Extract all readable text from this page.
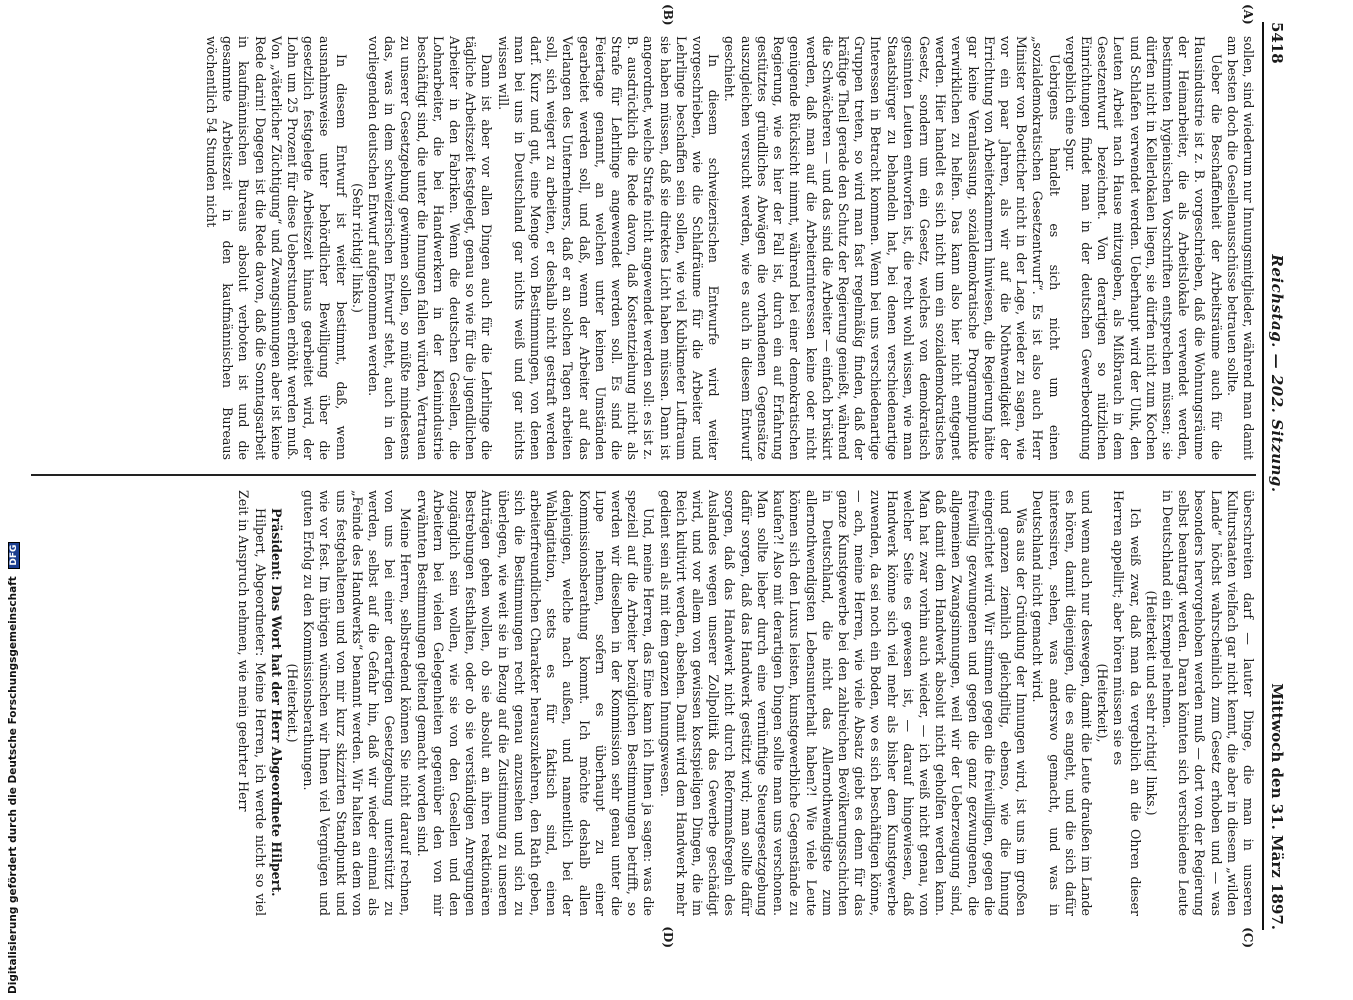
5418
Reichstag. — 202. Sitzung.
Mittwoch den 31. März 1897.
(A)
(B)

sollen, sind wiederum nur Innungsmitglieder, während man damit am besten doch die Gesellenausschüsse betrauen sollte.

Ueber die Beschaffenheit der Arbeitsräume auch für die Hausindustrie ist z. B. vorgeschrieben, daß die Wohnungsräume der Heimarbeiter, die als Arbeitslokale verwendet werden, bestimmten hygienischen Vorschriften entsprechen müssen; sie dürfen nicht in Kellerlokalen liegen, sie dürfen nicht zum Kochen und Schlafen verwendet werden. Ueberhaupt wird der Uluk, den Leuten Arbeit nach Hause mitzugeben, als Mißbrauch in dem Gesetzentwurf bezeichnet. Von derartigen so nützlichen Einrichtungen findet man in der deutschen Gewerbeordnung vergeblich eine Spur.

Uebrigens handelt es sich nicht um einen „sozialdemokratischen Gesetzentwurf“. Es ist also auch Herr Minister von Boetticher nicht in der Lage, wieder zu sagen, wie vor ein paar Jahren, als wir auf die Nothwendigkeit der Errichtung von Arbeiterkammern hinwiesen, die Regierung hätte gar keine Veranlassung, sozialdemokratische Programmpunkte verwirklichen zu helfen. Das kann also hier nicht entgegnet werden. Hier handelt es sich nicht um ein sozialdemokratisches Gesetz, sondern um ein Gesetz, welches von demokratisch gesinnten Leuten entworfen ist, die recht wohl wissen, wie man Staatsbürger zu behandeln hat, bei denen verschiedenartige Interessen in Betracht kommen. Wenn bei uns verschiedenartige Gruppen treten, so wird man fast regelmäßig finden, daß der kräftige Theil gerade den Schutz der Regierung genießt, während die Schwächeren — und das sind die Arbeiter — einfach brüskirt werden, daß man auf die Arbeiterinteressen keine oder nicht genügende Rücksicht nimmt, während bei einer demokratischen Regierung, wie es hier der Fall ist, durch ein auf Erfahrung gestütztes gründliches Abwägen die vorhandenen Gegensätze auszugleichen versucht werden, wie es auch in diesem Entwurf geschieht.

In diesem schweizerischen Entwurfe wird weiter vorgeschrieben, wie die Schlafräume für die Arbeiter und Lehrlinge beschaffen sein sollen, wie viel Kubikmeter Luftraum sie haben müssen, daß sie direktes Licht haben müssen. Dann ist angeordnet, welche Strafe nicht angewendet werden soll: es ist z. B. ausdrücklich die Rede davon, daß Kostentziehung nicht als Strafe für Lehrlinge angewendet werden soll. Es sind die Feiertage genannt, an welchen unter keinen Umständen gearbeitet werden soll, und daß, wenn der Arbeiter auf das Verlangen des Unternehmers, daß er an solchen Tagen arbeiten soll, sich weigert zu arbeiten, er deshalb nicht gestraft werden darf. Kurz und gut, eine Menge von Bestimmungen, von denen man bei uns in Deutschland gar nichts weiß und gar nichts wissen will.

Dann ist aber vor allen Dingen auch für die Lehrlinge die tägliche Arbeitszeit festgelegt, genau so wie für die jugendlichen Arbeiter in den Fabriken. Wenn die deutschen Gesellen, die Lohnarbeiter, die bei Handwerkern in der Kleinindustrie beschäftigt sind, die unter die Innungen fallen würden, Vertrauen zu unserer Gesetzgebung gewinnen sollen, so müßte mindestens das, was in dem schweizerischen Entwurf steht, auch in den vorliegenden deutschen Entwurf aufgenommen werden.

(Sehr richtig! links.)

In diesem Entwurf ist weiter bestimmt, daß, wenn ausnahmsweise unter behördlicher Bewilligung über die gesetzlich festgelegte Arbeitszeit hinaus gearbeitet wird, der Lohn um 25 Prozent für diese Ueberstunden erhöht werden muß. Von „väterlicher Züchtigung“ und Zwangsinnungen aber ist keine Rede darin! Dagegen ist die Rede davon, daß die Sonntagsarbeit in kaufmännischen Bureaus absolut verboten ist und die gesammte Arbeitszeit in den kaufmännischen Bureaus wöchentlich 54 Stunden nicht

(C)
(D)

überschreiten darf — lauter Dinge, die man in unseren Kulturstaaten vielfach gar nicht kennt, die aber in diesem „wilden Lande“ höchst wahrscheinlich zum Gesetz erhoben und — was besonders hervorgehoben werden muß — dort von der Regierung selbst beantragt werden. Daran könnten sich verschiedene Leute in Deutschland ein Exempel nehmen.

(Heiterkeit und sehr richtig! links.)

Ich weiß zwar, daß man da vergeblich an die Ohren dieser Herren appellirt; aber hören müssen sie es

(Heiterkeit),

und wenn auch nur deswegen, damit die Leute draußen im Lande es hören, damit diejenigen, die es angeht, und die sich dafür interessiren, sehen, was anderswo gemacht, und was in Deutschland nicht gemacht wird.

Was aus der Gründung der Innungen wird, ist uns im großen und ganzen ziemlich gleichgiltig, ebenso, wie die Innung eingerichtet wird. Wir stimmen gegen die freiwilligen, gegen die freiwillig gezwungenen und gegen die ganz gezwungenen, die allgemeinen Zwangsinnungen, weil wir der Ueberzeugung sind, daß damit dem Handwerk absolut nicht geholfen werden kann. Man hat zwar vorhin auch wieder, — ich weiß nicht genau, von welcher Seite es gewesen ist, — darauf hingewiesen, daß Handwerk könne sich viel mehr als bisher dem Kunstgewerbe zuwenden, da sei noch ein Boden, wo es sich beschäftigen könne, — ach, meine Herren, wie viele Absatz giebt es denn für das ganze Kunstgewerbe bei den zahlreichen Bevölkerungsschichten in Deutschland, die nicht das Allernothwendigste zum allernothwendigsten Lebensunterhalt haben?! Wie viele Leute können sich den Luxus leisten, kunstgewerbliche Gegenstände zu kaufen?! Also mit derartigen Dingen sollte man uns verschonen. Man sollte lieber durch eine vernünftige Steuergesetzgebung dafür sorgen, daß das Handwerk gestützt wird; man sollte dafür sorgen, daß das Handwerk nicht durch Reformmaßregeln des Auslandes wegen unserer Zollpolitik das Gewerbe geschädigt wird, und vor allem von gewissen kostspieligen Dingen, die im Reich kultivirt werden, absehen. Damit wird dem Handwerk mehr gedient sein als mit dem ganzen Innungswesen.

Und, meine Herren, das Eine kann ich Ihnen ja sagen: was die speziell auf die Arbeiter bezüglichen Bestimmungen betrifft, so werden wir dieselben in der Kommission sehr genau unter die Lupe nehmen, sofern es überhaupt zu einer Kommissionsberathung kommt. Ich möchte deshalb allen denjenigen, welche nach außen, und namentlich bei der Wahlagitation, stets es für faktisch sind, einen arbeiterfreundlichen Charakter herauszukehren, den Rath geben, sich die Bestimmungen recht genau anzusehen und sich zu überlegen, wie weit sie in Bezug auf die Zustimmung zu unseren Anträgen gehen wollen, ob sie absolut an ihren reaktionären Bestrebungen festhalten, oder ob sie verständigen Anregungen zugänglich sein wollen, wie sie von den Gesellen und den Arbeitern bei vielen Gelegenheiten gegenüber den von mir erwähnten Bestimmungen geltend gemacht worden sind.

Meine Herren, selbstredend können Sie nicht darauf rechnen, von uns bei einer derartigen Gesetzgebung unterstützt zu werden, selbst auf die Gefahr hin, daß wir wieder einmal als „Feinde des Handwerks“ benannt werden. Wir halten an dem von uns festgehaltenen und von mir kurz skizzirten Standpunkt und wie vor fest. Im übrigen wünschen wir Ihnen viel Vergnügen und guten Erfolg zu den Kommissionsberathungen.

(Heiterkeit.)

Präsident: Das Wort hat der Herr Abgeordnete Hilpert.

Hilpert, Abgeordneter: Meine Herren, ich werde nicht so viel Zeit in Anspruch nehmen, wie mein geehrter Herr

Digitalisierung gefördert durch die Deutsche Forschungsgemeinschaft DFG
